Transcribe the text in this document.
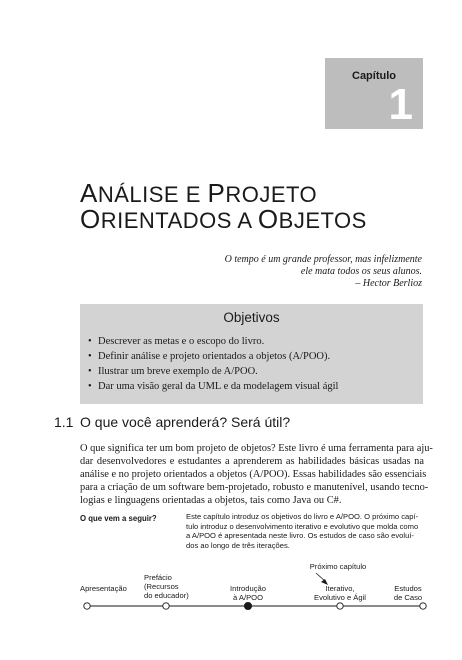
Capítulo
1
ANÁLISE E PROJETO
ORIENTADOS A OBJETOS
O tempo é um grande professor, mas infelizmente
ele mata todos os seus alunos.
– Hector Berlioz
Objetivos
• Descrever as metas e o escopo do livro.
• Definir análise e projeto orientados a objetos (A/POO).
• Ilustrar um breve exemplo de A/POO.
• Dar uma visão geral da UML e da modelagem visual ágil
1.1 O que você aprenderá? Será útil?
O que significa ter um bom projeto de objetos? Este livro é uma ferramenta para aju-
dar desenvolvedores e estudantes a aprenderem as habilidades básicas usadas na
análise e no projeto orientados a objetos (A/POO). Essas habilidades são essenciais
para a criação de um software bem-projetado, robusto e manutenível, usando tecno-
logias e linguagens orientadas a objetos, tais como Java ou C#.
O que vem a seguir?	Este capítulo introduz os objetivos do livro e A/POO. O próximo capí-
tulo introduz o desenvolvimento iterativo e evolutivo que molda como
a A/POO é apresentada neste livro. Os estudos de caso são evoluí-
dos ao longo de três iterações.
Próximo capítulo
Apresentação
Prefácio
(Recursos
do educador)
Introdução
à A/POO
Iterativo,
Evolutivo e Ágil
Estudos
de Caso
